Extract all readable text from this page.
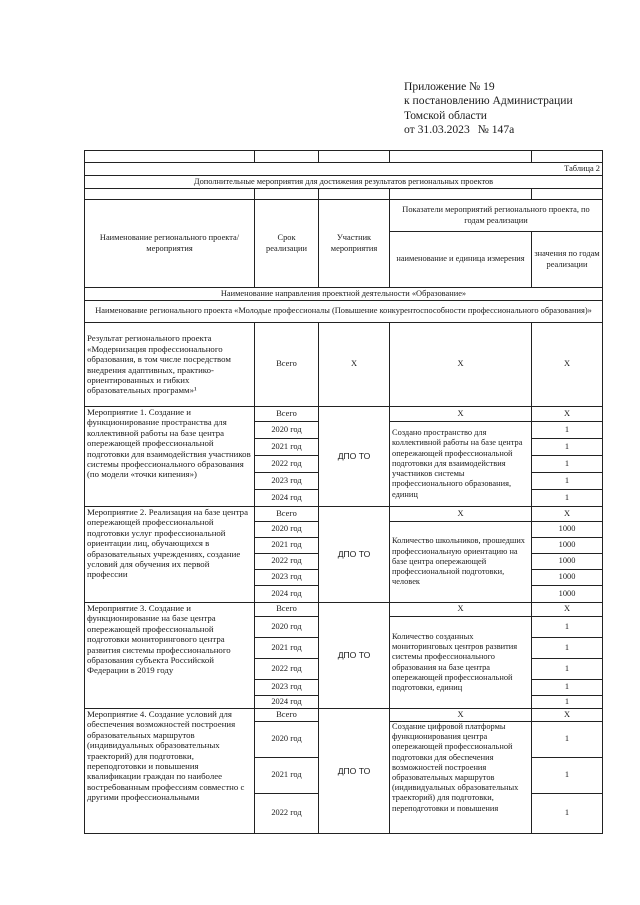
Приложение № 19
к постановлению Администрации
Томской области
от 31.03.2023 № 147а

Таблица 2				
Дополнительные мероприятия для достижения результатов региональных проектов				

Наименование регионального проекта/ мероприятия	Срок реализации	Участник мероприятия	Показатели мероприятий регионального проекта, по годам реализации	
			наименование и единица измерения	значения по годам реализации
Наименование направления проектной деятельности «Образование»				
Наименование регионального проекта «Молодые профессионалы (Повышение конкурентоспособности профессионального образования)»				
Результат регионального проекта «Модернизация профессионального образования, в том числе посредством внедрения адаптивных, практико-ориентированных и гибких образовательных программ»¹	Всего	X	X	X
Мероприятие 1. Создание и функционирование пространства для коллективной работы на базе центра опережающей профессиональной подготовки для взаимодействия участников системы профессионального образования (по модели «точки кипения»)	Всего	ДПО ТО	X	X
	2020 год		Создано пространство для коллективной работы на базе центра опережающей профессиональной подготовки для взаимодействия участников системы профессионального образования, единиц	1
	2021 год			1
	2022 год			1
	2023 год			1
	2024 год			1
Мероприятие 2. Реализация на базе центра опережающей профессиональной подготовки услуг профессиональной ориентации лиц, обучающихся в образовательных учреждениях, создание условий для обучения их первой профессии	Всего	ДПО ТО	X	X
	2020 год		Количество школьников, прошедших профессиональную ориентацию на базе центра опережающей профессиональной подготовки, человек	1000
	2021 год			1000
	2022 год			1000
	2023 год			1000
	2024 год			1000
Мероприятие 3. Создание и функционирование на базе центра опережающей профессиональной подготовки мониторингового центра развития системы профессионального образования субъекта Российской Федерации в 2019 году	Всего	ДПО ТО	X	X
	2020 год		Количество созданных мониторинговых центров развития системы профессионального образования на базе центра опережающей профессиональной подготовки, единиц	1
	2021 год			1
	2022 год			1
	2023 год			1
	2024 год			1
Мероприятие 4. Создание условий для обеспечения возможностей построения образовательных маршрутов (индивидуальных образовательных траекторий) для подготовки, переподготовки и повышения квалификации граждан по наиболее востребованным профессиям совместно с другими профессиональными	Всего	ДПО ТО	X	X
	2020 год		Создание цифровой платформы функционирования центра опережающей профессиональной подготовки для обеспечения возможностей построения образовательных маршрутов (индивидуальных образовательных траекторий) для подготовки, переподготовки и повышения	1
	2021 год			1
	2022 год			1
